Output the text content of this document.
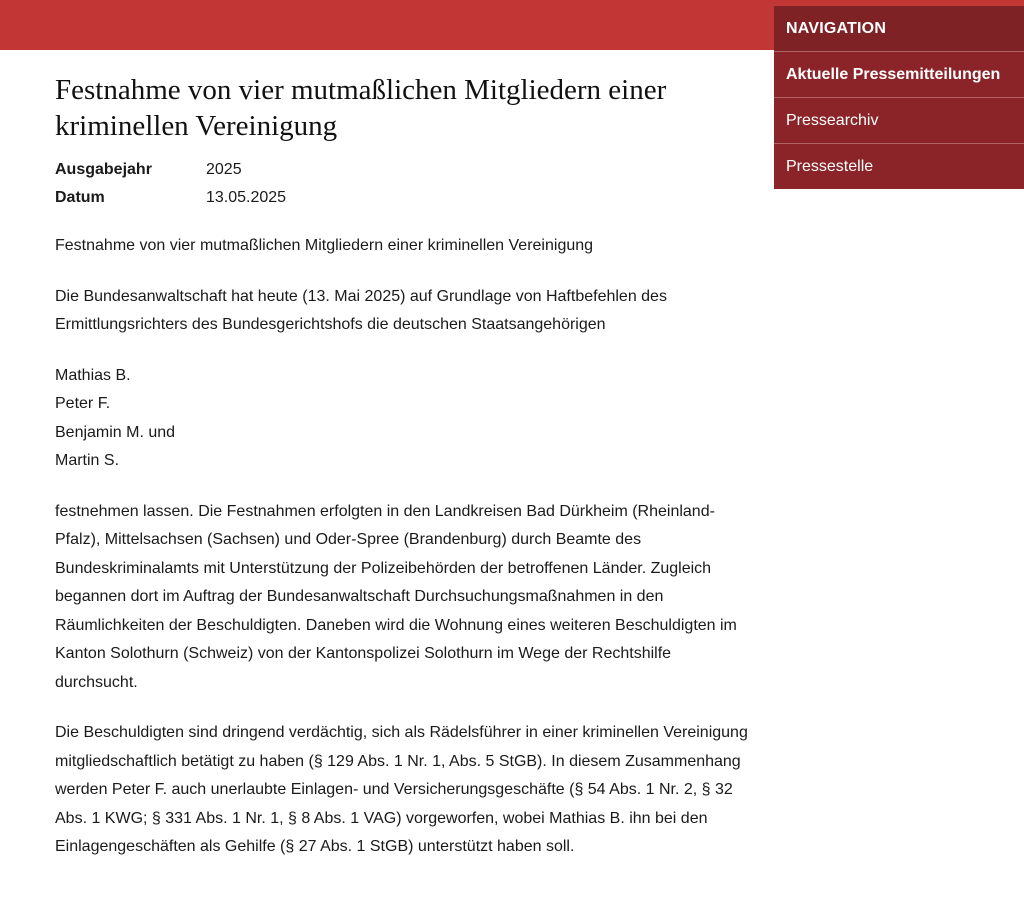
NAVIGATION
Aktuelle Pressemitteilungen
Pressearchiv
Pressestelle
Festnahme von vier mutmaßlichen Mitgliedern einer kriminellen Vereinigung
Ausgabejahr	2025
Datum	13.05.2025

Festnahme von vier mutmaßlichen Mitgliedern einer kriminellen Vereinigung

Die Bundesanwaltschaft hat heute (13. Mai 2025) auf Grundlage von Haftbefehlen des Ermittlungsrichters des Bundesgerichtshofs die deutschen Staatsangehörigen

Mathias B.
Peter F.
Benjamin M. und
Martin S.

festnehmen lassen. Die Festnahmen erfolgten in den Landkreisen Bad Dürkheim (Rheinland-Pfalz), Mittelsachsen (Sachsen) und Oder-Spree (Brandenburg) durch Beamte des Bundeskriminalamts mit Unterstützung der Polizeibehörden der betroffenen Länder. Zugleich begannen dort im Auftrag der Bundesanwaltschaft Durchsuchungsmaßnahmen in den Räumlichkeiten der Beschuldigten. Daneben wird die Wohnung eines weiteren Beschuldigten im Kanton Solothurn (Schweiz) von der Kantonspolizei Solothurn im Wege der Rechtshilfe durchsucht.

Die Beschuldigten sind dringend verdächtig, sich als Rädelsführer in einer kriminellen Vereinigung mitgliedschaftlich betätigt zu haben (§ 129 Abs. 1 Nr. 1, Abs. 5 StGB). In diesem Zusammenhang werden Peter F. auch unerlaubte Einlagen- und Versicherungsgeschäfte (§ 54 Abs. 1 Nr. 2, § 32 Abs. 1 KWG; § 331 Abs. 1 Nr. 1, § 8 Abs. 1 VAG) vorgeworfen, wobei Mathias B. ihn bei den Einlagengeschäften als Gehilfe (§ 27 Abs. 1 StGB) unterstützt haben soll.
